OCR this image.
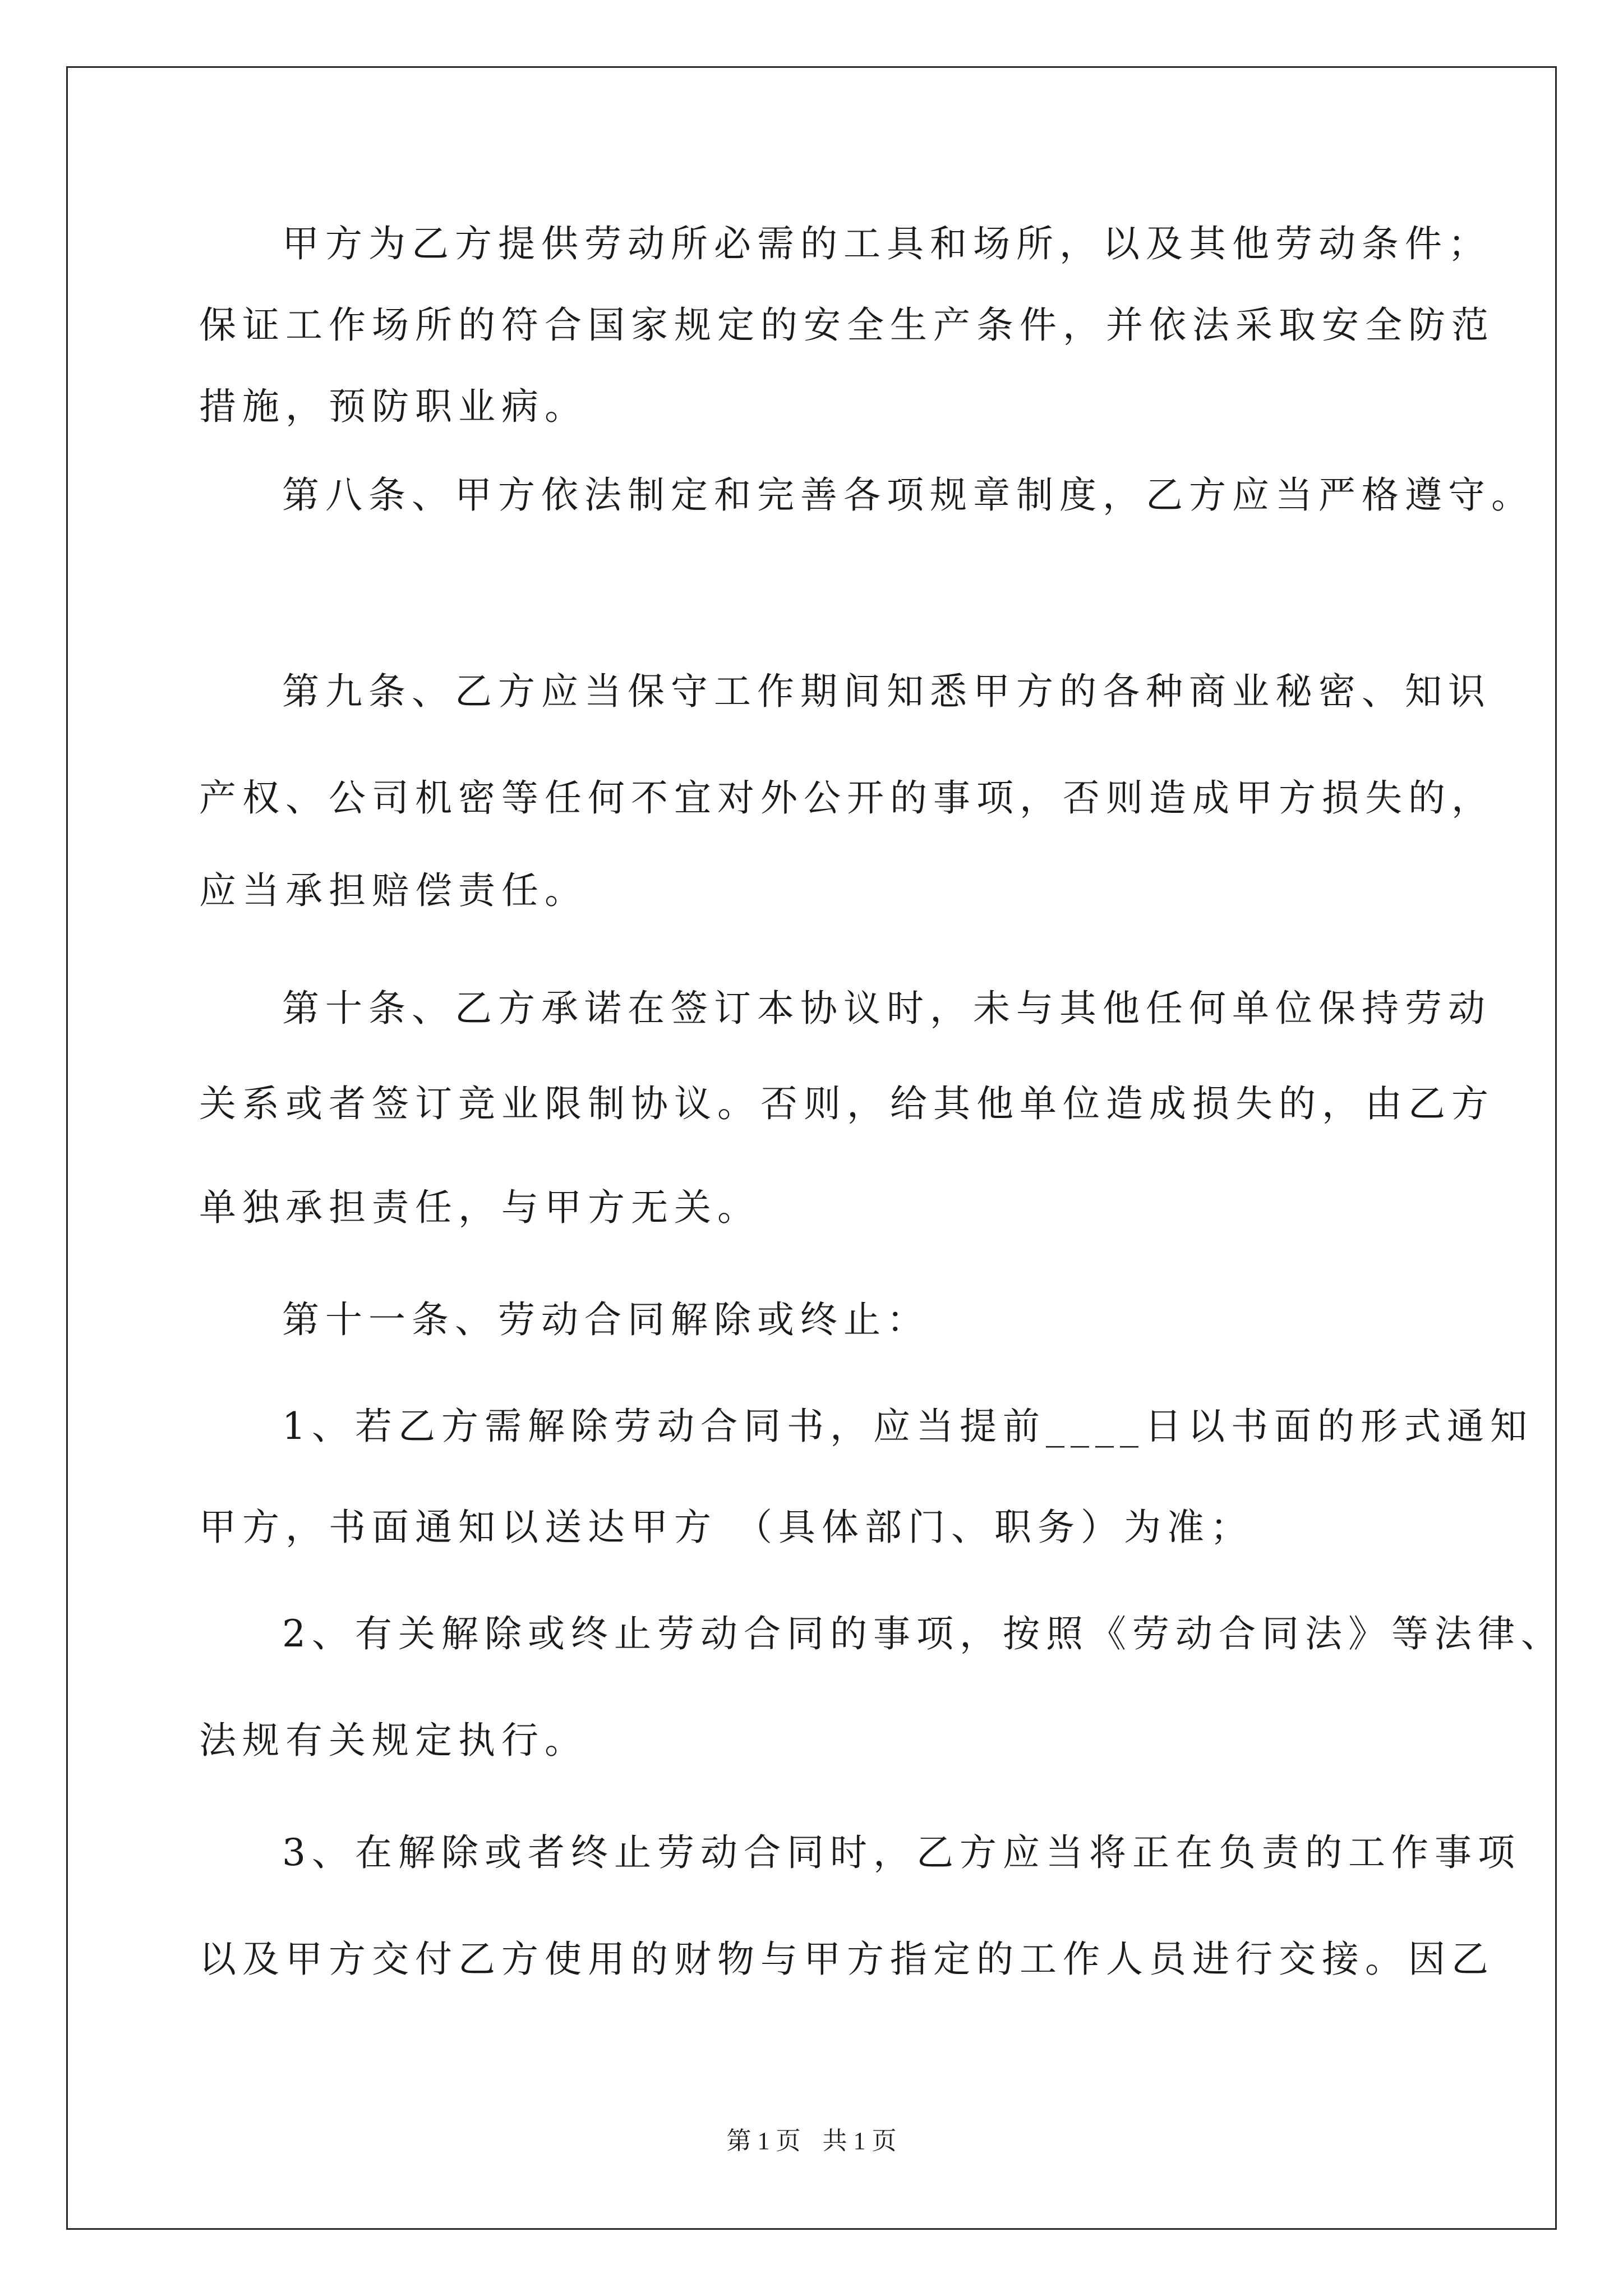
甲方为乙方提供劳动所必需的工具和场所，以及其他劳动条件；
保证工作场所的符合国家规定的安全生产条件，并依法采取安全防范
措施，预防职业病。
第八条、甲方依法制定和完善各项规章制度，乙方应当严格遵守。
第九条、乙方应当保守工作期间知悉甲方的各种商业秘密、知识
产权、公司机密等任何不宜对外公开的事项，否则造成甲方损失的，
应当承担赔偿责任。
第十条、乙方承诺在签订本协议时，未与其他任何单位保持劳动
关系或者签订竞业限制协议。否则，给其他单位造成损失的，由乙方
单独承担责任，与甲方无关。
第十一条、劳动合同解除或终止：
1、若乙方需解除劳动合同书，应当提前____日以书面的形式通知
甲方，书面通知以送达甲方 （具体部门、职务）为准；
2、有关解除或终止劳动合同的事项，按照《劳动合同法》等法律、
法规有关规定执行。
3、在解除或者终止劳动合同时，乙方应当将正在负责的工作事项
以及甲方交付乙方使用的财物与甲方指定的工作人员进行交接。因乙
第 1 页 共 1 页
